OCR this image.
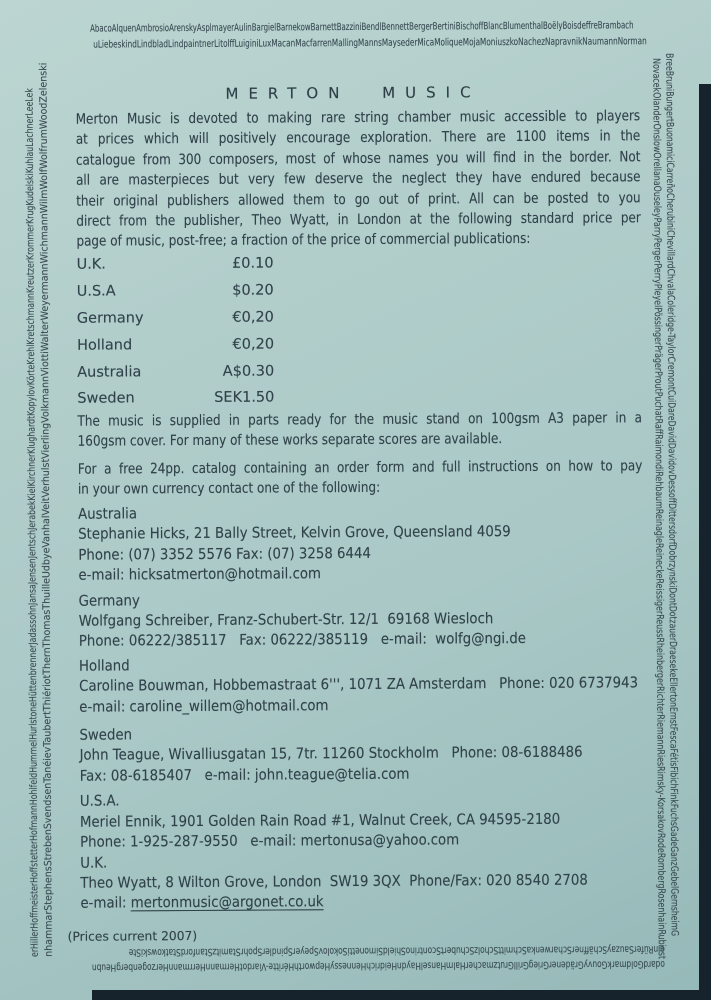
AbacoAlquenAmbrosioArenskyAsplmayerAulinBargielBarnekowBarnettBazziniBendlBennettBergerBertiniBischoffBlancBlumenthalBoëlyBoisdeffreBrambach
uLiebeskindLindbladLindpaintnerLitolffLuiginiLuxMacanMacfarrenMallingMannsMaysederMicaMoliqueMojaMoniuszkoNachezNapravnikNaumannNorman
BreeBruniBungertBuonamiciCarreñoCherubiniChevillardChvalaColeridge-TaylorCremontCuiDareDavidDavidovDessoffDittersdorfDobrzynskiDontDotzauerDraesekeEllertonErnstFescaFétisFibichFinkFuchsGadeGanzGebelGernsheimG
NovacekOlanderOnslowOrellanaOuseleyParryPergerPerryPleyelPössingerPrägerProutPuchatRaffRaimondiRehbaumReinagleReineckeReissigerReussRheinbergerRichterRiemannRiesRimsky-KorsakovRodeRombergRosenhainRubinst
einRüferSauzaySchäffnerScharwenkaSchmittScholzSchubertScontrinoShieldSimonettiSokolovSpeyerSpindlerSpohrStamitzStanfordStatkowskiSte
odardGoldmarkGouvyGrädenerGriegGrillGrutzmacherHalmHanselHaydnHeidrichHennessyHepworthHéritte-ViardotHermannHerrmannHerzogenbergHeubn
erHillerHoffmeisterHoffstetterHofmannHohlfeldHummelHurlstoneHüttenbrennerJadassohnJansaJensenJentschJerabekKielKirchnerKlughardtKopylovKörteKrehlKretschmannKreutzerKrommerKrugKudelskiKuhlauLachnerLeeLek
nhammarStephensStrebenSvendsenTanéievTaubertThiériotThernThomasThuilleUdbyeVanhalVeitVerhulstVierlingVolkmannViottiWalterWeyermannWichmannWilmWolfWolfrumWoodZelenski	MERTON MUSIC
Merton Music is devoted to making rare string chamber music accessible to players
at prices which will positively encourage exploration. There are 1100 items in the
catalogue from 300 composers, most of whose names you will find in the border. Not
all are masterpieces but very few deserve the neglect they have endured because
their original publishers allowed them to go out of print. All can be posted to you
direct from the publisher, Theo Wyatt, in London at the following standard price per
page of music, post-free; a fraction of the price of commercial publications:
U.K.	£0.10
U.S.A	$0.20
Germany	€0,20
Holland	€0,20
Australia	A$0.30
Sweden	SEK1.50
The music is supplied in parts ready for the music stand on 100gsm A3 paper in a
160gsm cover. For many of these works separate scores are available.
For a free 24pp. catalog containing an order form and full instructions on how to pay
in your own currency contact one of the following:
Australia
Stephanie Hicks, 21 Bally Street, Kelvin Grove, Queensland 4059
Phone: (07) 3352 5576 Fax: (07) 3258 6444
e-mail: hicksatmerton@hotmail.com
Germany
Wolfgang Schreiber, Franz-Schubert-Str. 12/1  69168 Wiesloch
Phone: 06222/385117   Fax: 06222/385119   e-mail:  wolfg@ngi.de
Holland
Caroline Bouwman, Hobbemastraat 6''', 1071 ZA Amsterdam   Phone: 020 6737943
e-mail: caroline_willem@hotmail.com
Sweden
John Teague, Wivalliusgatan 15, 7tr. 11260 Stockholm   Phone: 08-6188486
Fax: 08-6185407   e-mail: john.teague@telia.com
U.S.A.
Meriel Ennik, 1901 Golden Rain Road #1, Walnut Creek, CA 94595-2180
Phone: 1-925-287-9550   e-mail: mertonusa@yahoo.com
U.K.
Theo Wyatt, 8 Wilton Grove, London  SW19 3QX  Phone/Fax: 020 8540 2708
e-mail: mertonmusic@argonet.co.uk
(Prices current 2007)
